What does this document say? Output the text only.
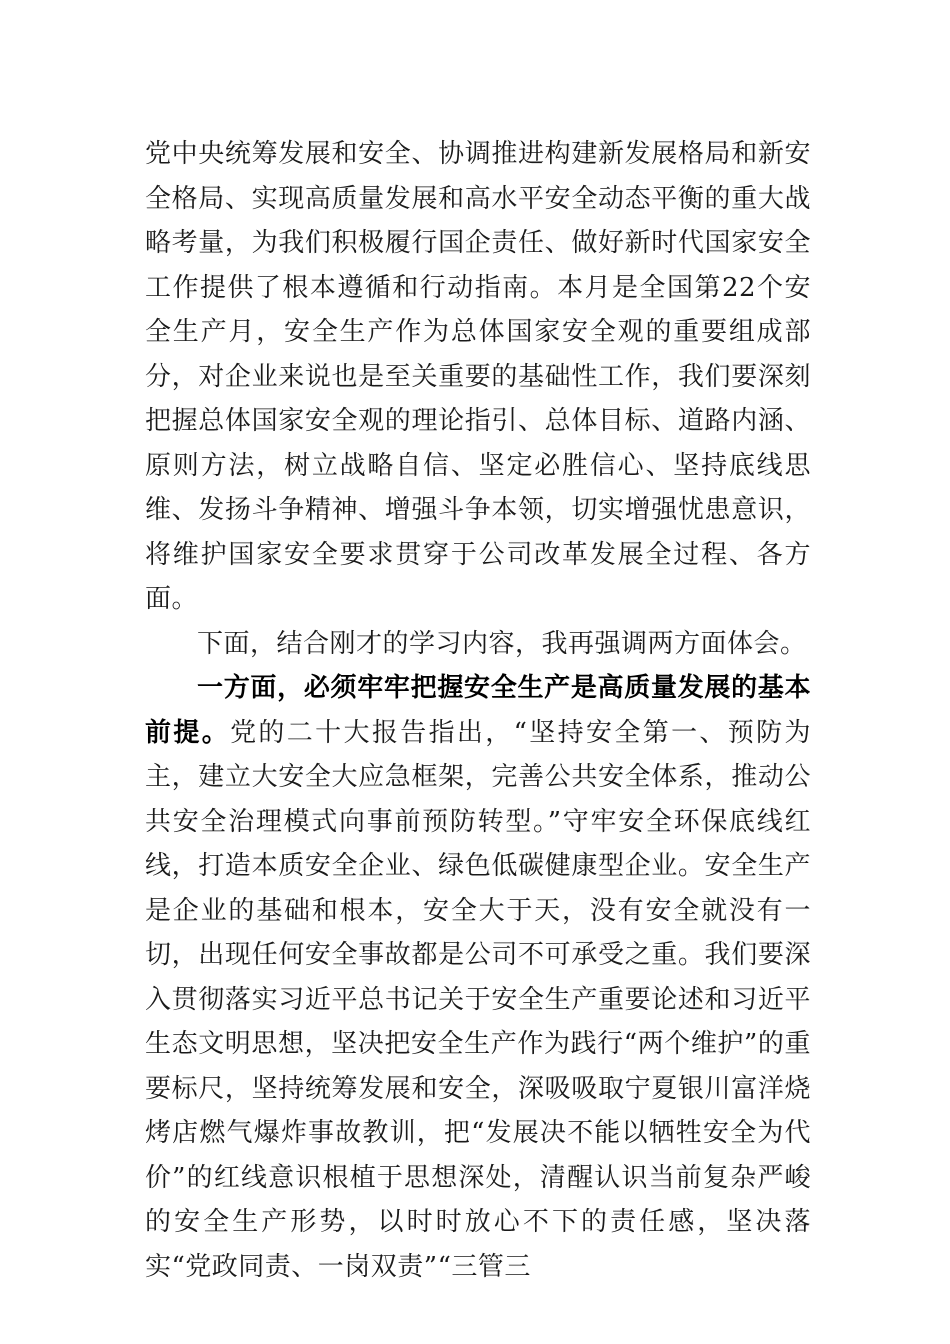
党中央统筹发展和安全、协调推进构建新发展格局和新安全格局、实现高质量发展和高水平安全动态平衡的重大战略考量，为我们积极履行国企责任、做好新时代国家安全工作提供了根本遵循和行动指南。本月是全国第22个安全生产月，安全生产作为总体国家安全观的重要组成部分，对企业来说也是至关重要的基础性工作，我们要深刻把握总体国家安全观的理论指引、总体目标、道路内涵、原则方法，树立战略自信、坚定必胜信心、坚持底线思维、发扬斗争精神、增强斗争本领，切实增强忧患意识，将维护国家安全要求贯穿于公司改革发展全过程、各方面。

下面，结合刚才的学习内容，我再强调两方面体会。

一方面，必须牢牢把握安全生产是高质量发展的基本前提。党的二十大报告指出，“坚持安全第一、预防为主，建立大安全大应急框架，完善公共安全体系，推动公共安全治理模式向事前预防转型。”守牢安全环保底线红线，打造本质安全企业、绿色低碳健康型企业。安全生产是企业的基础和根本，安全大于天，没有安全就没有一切，出现任何安全事故都是公司不可承受之重。我们要深入贯彻落实习近平总书记关于安全生产重要论述和习近平生态文明思想，坚决把安全生产作为践行“两个维护”的重要标尺，坚持统筹发展和安全，深吸吸取宁夏银川富洋烧烤店燃气爆炸事故教训，把“发展决不能以牺牲安全为代价”的红线意识根植于思想深处，清醒认识当前复杂严峻的安全生产形势，以时时放心不下的责任感，坚决落实“党政同责、一岗双责”“三管三
